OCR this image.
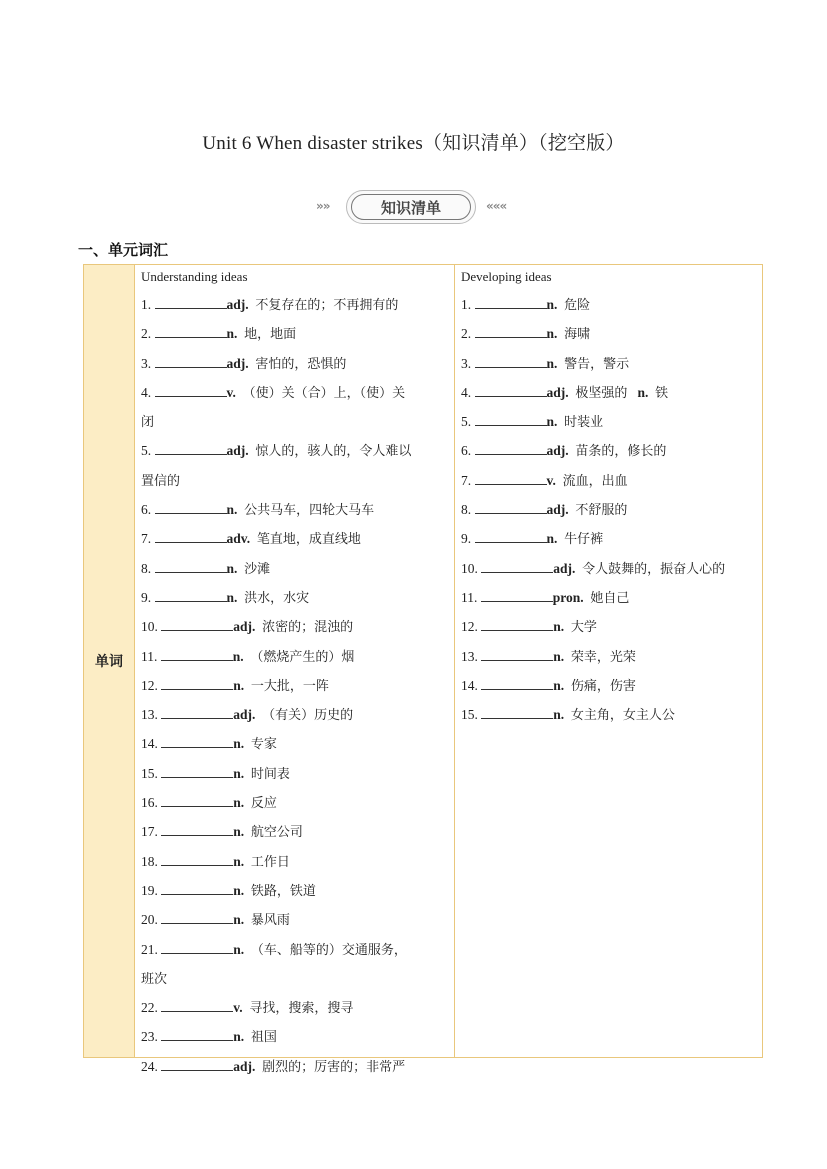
Unit 6 When disaster strikes（知识清单）（挖空版）
»»	知识清单	«««
一、单元词汇
单词
Understanding ideas
1.	adj. 不复存在的；不再拥有的
2.	n. 地，地面
3.	adj. 害怕的，恐惧的
4.	v. （使）关（合）上，（使）关
闭
5.	adj. 惊人的，骇人的，令人难以
置信的
6.	n. 公共马车，四轮大马车
7.	adv. 笔直地，成直线地
8.	n. 沙滩
9.	n. 洪水，水灾
10.	adj. 浓密的；混浊的
11.	n. （燃烧产生的）烟
12.	n. 一大批，一阵
13.	adj. （有关）历史的
14.	n. 专家
15.	n. 时间表
16.	n. 反应
17.	n. 航空公司
18.	n. 工作日
19.	n. 铁路，铁道
20.	n. 暴风雨
21.	n. （车、船等的）交通服务，
班次
22.	v. 寻找，搜索，搜寻
23.	n. 祖国
24.	adj. 剧烈的；厉害的；非常严
Developing ideas
1.	n. 危险
2.	n. 海啸
3.	n. 警告，警示
4.	adj. 极坚强的 n. 铁
5.	n. 时装业
6.	adj. 苗条的，修长的
7.	v. 流血，出血
8.	adj. 不舒服的
9.	n. 牛仔裤
10.	adj. 令人鼓舞的，振奋人心的
11.	pron. 她自己
12.	n. 大学
13.	n. 荣幸，光荣
14.	n. 伤痛，伤害
15.	n. 女主角，女主人公
